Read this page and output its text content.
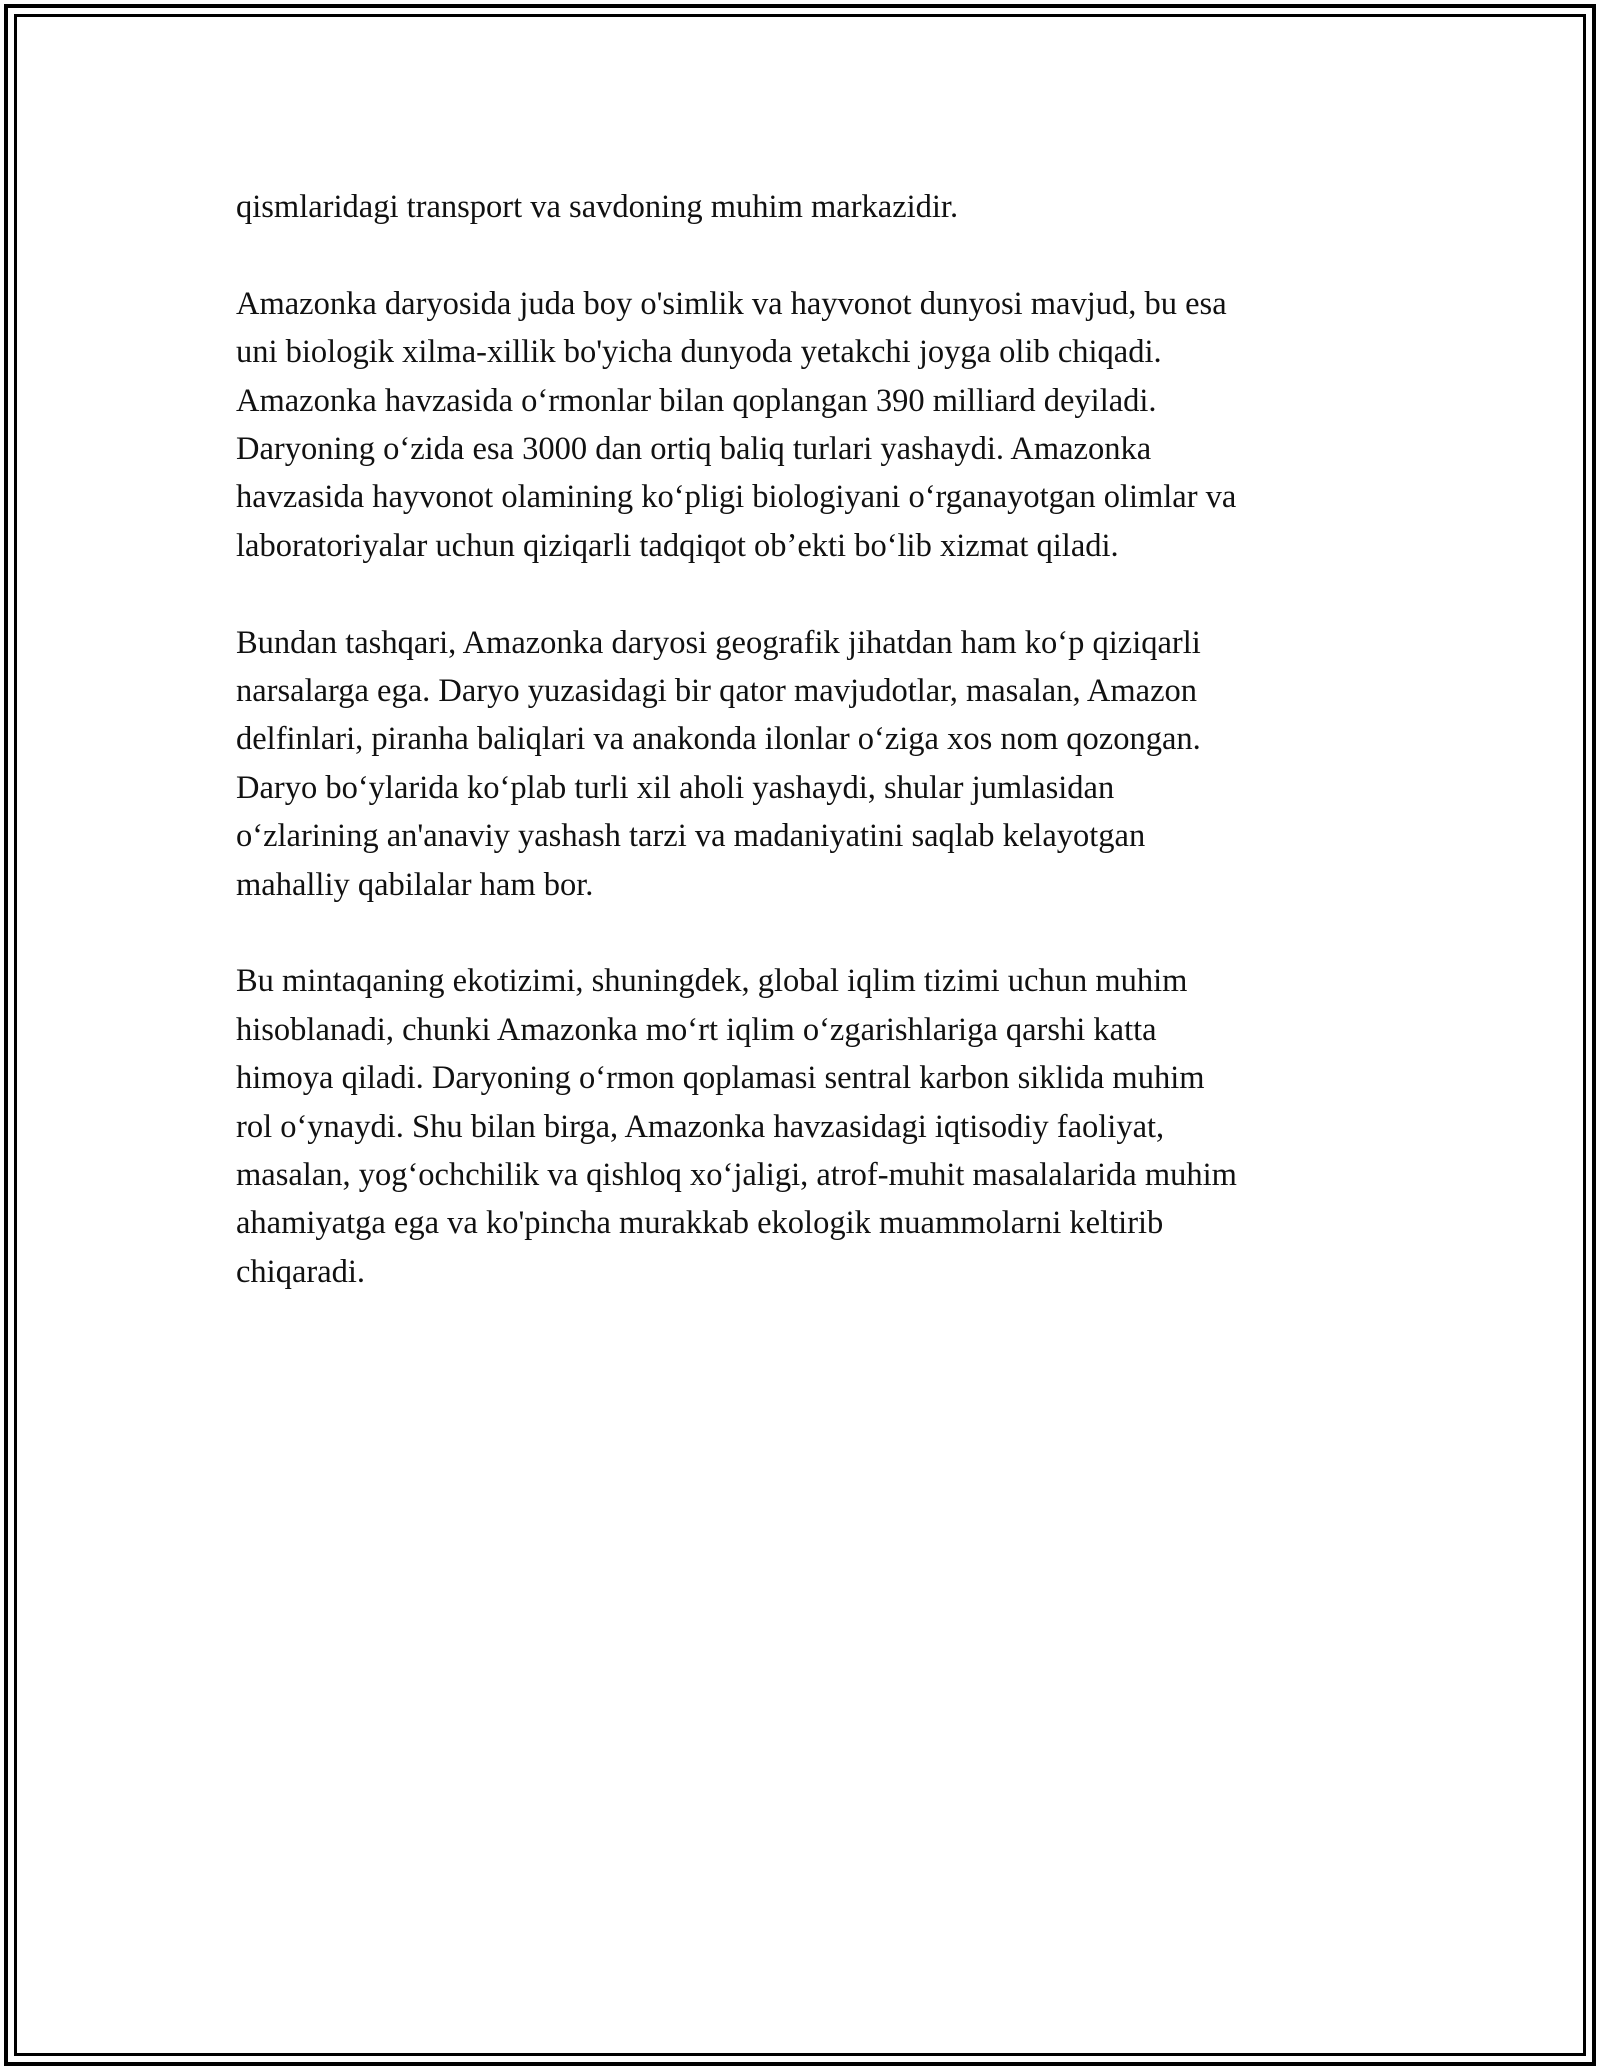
qismlaridagi transport va savdoning muhim markazidir.

Amazonka daryosida juda boy o'simlik va hayvonot dunyosi mavjud, bu esa
uni biologik xilma-xillik bo'yicha dunyoda yetakchi joyga olib chiqadi.
Amazonka havzasida oʻrmonlar bilan qoplangan 390 milliard deyiladi.
Daryoning oʻzida esa 3000 dan ortiq baliq turlari yashaydi. Amazonka
havzasida hayvonot olamining koʻpligi biologiyani oʻrganayotgan olimlar va
laboratoriyalar uchun qiziqarli tadqiqot obʼekti boʻlib xizmat qiladi.

Bundan tashqari, Amazonka daryosi geografik jihatdan ham koʻp qiziqarli
narsalarga ega. Daryo yuzasidagi bir qator mavjudotlar, masalan, Amazon
delfinlari, piranha baliqlari va anakonda ilonlar oʻziga xos nom qozongan.
Daryo boʻylarida koʻplab turli xil aholi yashaydi, shular jumlasidan
oʻzlarining an'anaviy yashash tarzi va madaniyatini saqlab kelayotgan
mahalliy qabilalar ham bor.

Bu mintaqaning ekotizimi, shuningdek, global iqlim tizimi uchun muhim
hisoblanadi, chunki Amazonka moʻrt iqlim oʻzgarishlariga qarshi katta
himoya qiladi. Daryoning oʻrmon qoplamasi sentral karbon siklida muhim
rol oʻynaydi. Shu bilan birga, Amazonka havzasidagi iqtisodiy faoliyat,
masalan, yogʻochchilik va qishloq xoʻjaligi, atrof-muhit masalalarida muhim
ahamiyatga ega va ko'pincha murakkab ekologik muammolarni keltirib
chiqaradi.
